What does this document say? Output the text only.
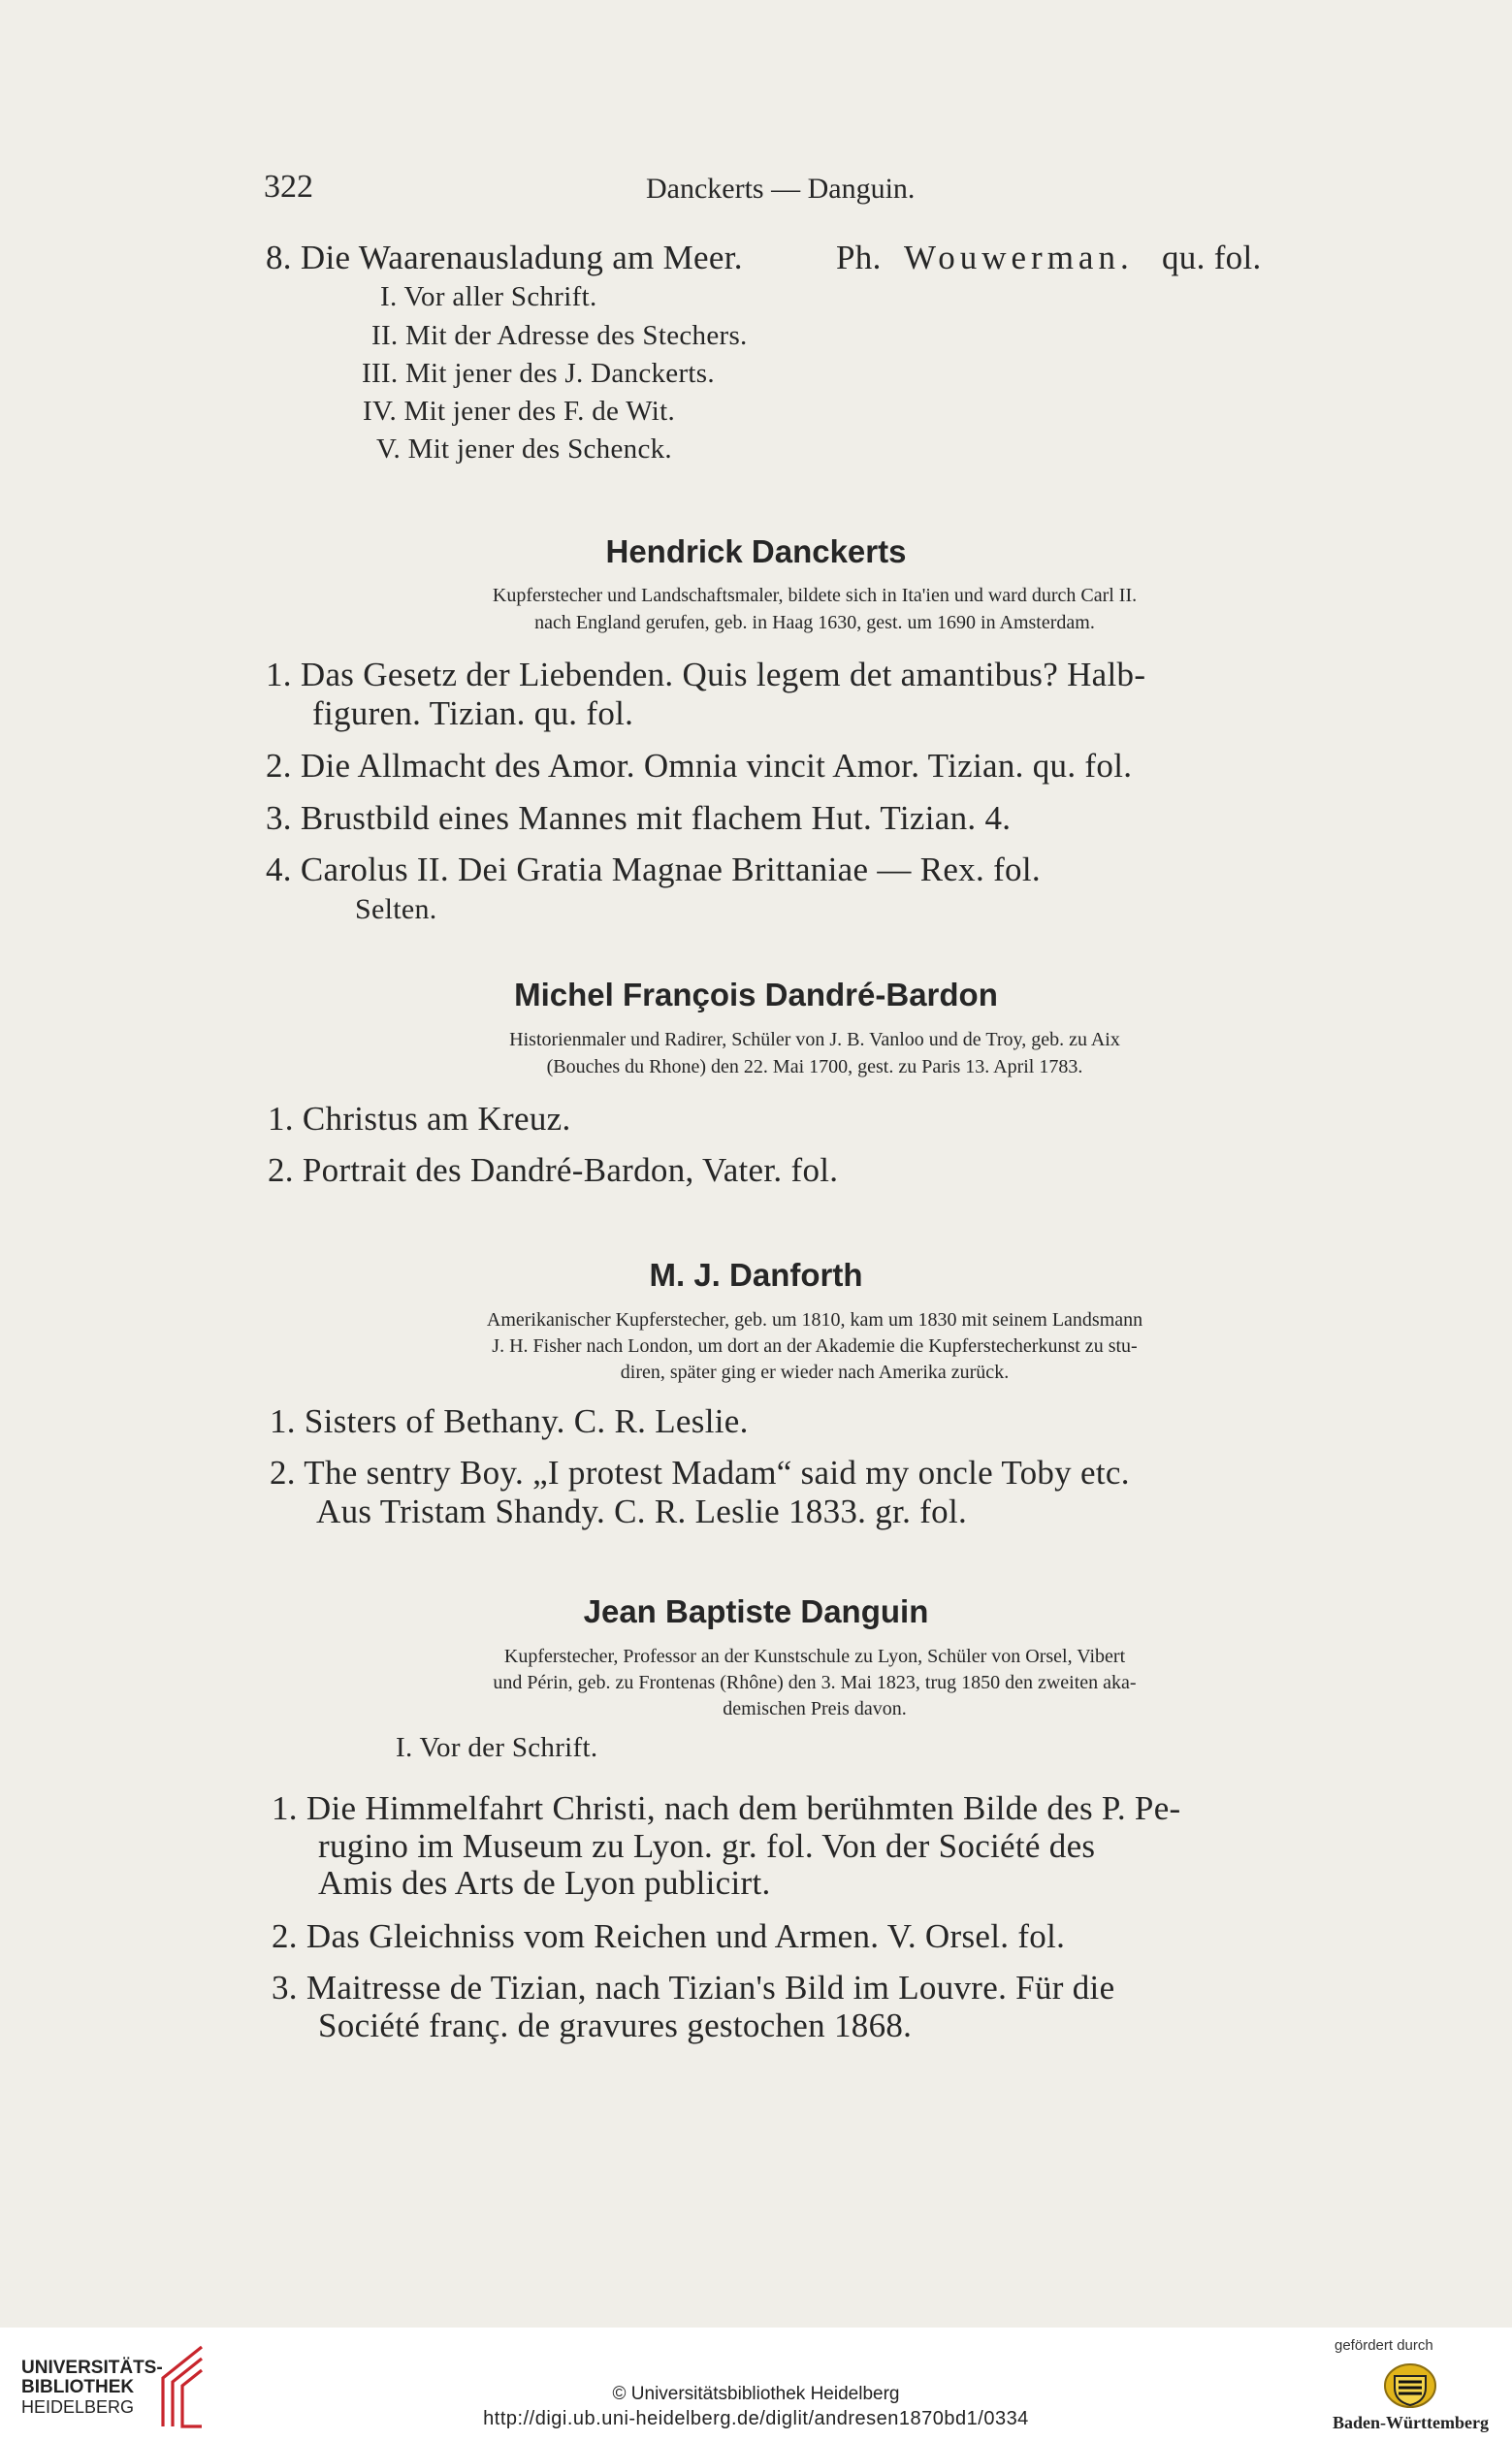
322	Danckerts — Danguin.
8. Die Waarenausladung am Meer.	Ph. Wouwerman. qu. fol.
I. Vor aller Schrift.
II. Mit der Adresse des Stechers.
III. Mit jener des J. Danckerts.
IV. Mit jener des F. de Wit.
V. Mit jener des Schenck.
Hendrick Danckerts
Kupferstecher und Landschaftsmaler, bildete sich in Ita'ien und ward durch Carl II.
nach England gerufen, geb. in Haag 1630, gest. um 1690 in Amsterdam.
1. Das Gesetz der Liebenden. Quis legem det amantibus? Halb-
figuren. Tizian. qu. fol.
2. Die Allmacht des Amor. Omnia vincit Amor. Tizian. qu. fol.
3. Brustbild eines Mannes mit flachem Hut. Tizian. 4.
4. Carolus II. Dei Gratia Magnae Brittaniae — Rex. fol.
Selten.
Michel François Dandré-Bardon
Historienmaler und Radirer, Schüler von J. B. Vanloo und de Troy, geb. zu Aix
(Bouches du Rhone) den 22. Mai 1700, gest. zu Paris 13. April 1783.
1. Christus am Kreuz.
2. Portrait des Dandré-Bardon, Vater. fol.
M. J. Danforth
Amerikanischer Kupferstecher, geb. um 1810, kam um 1830 mit seinem Landsmann
J. H. Fisher nach London, um dort an der Akademie die Kupferstecherkunst zu stu-
diren, später ging er wieder nach Amerika zurück.
1. Sisters of Bethany. C. R. Leslie.
2. The sentry Boy. „I protest Madam“ said my oncle Toby etc.
Aus Tristam Shandy. C. R. Leslie 1833. gr. fol.
Jean Baptiste Danguin
Kupferstecher, Professor an der Kunstschule zu Lyon, Schüler von Orsel, Vibert
und Périn, geb. zu Frontenas (Rhône) den 3. Mai 1823, trug 1850 den zweiten aka-
demischen Preis davon.
I. Vor der Schrift.
1. Die Himmelfahrt Christi, nach dem berühmten Bilde des P. Pe-
rugino im Museum zu Lyon. gr. fol. Von der Société des
Amis des Arts de Lyon publicirt.
2. Das Gleichniss vom Reichen und Armen. V. Orsel. fol.
3. Maitresse de Tizian, nach Tizian's Bild im Louvre. Für die
Société franç. de gravures gestochen 1868.
UNIVERSITÄTS-
BIBLIOTHEK
HEIDELBERG
© Universitätsbibliothek Heidelberg
http://digi.ub.uni-heidelberg.de/diglit/andresen1870bd1/0334
gefördert durch
Baden-Württemberg
